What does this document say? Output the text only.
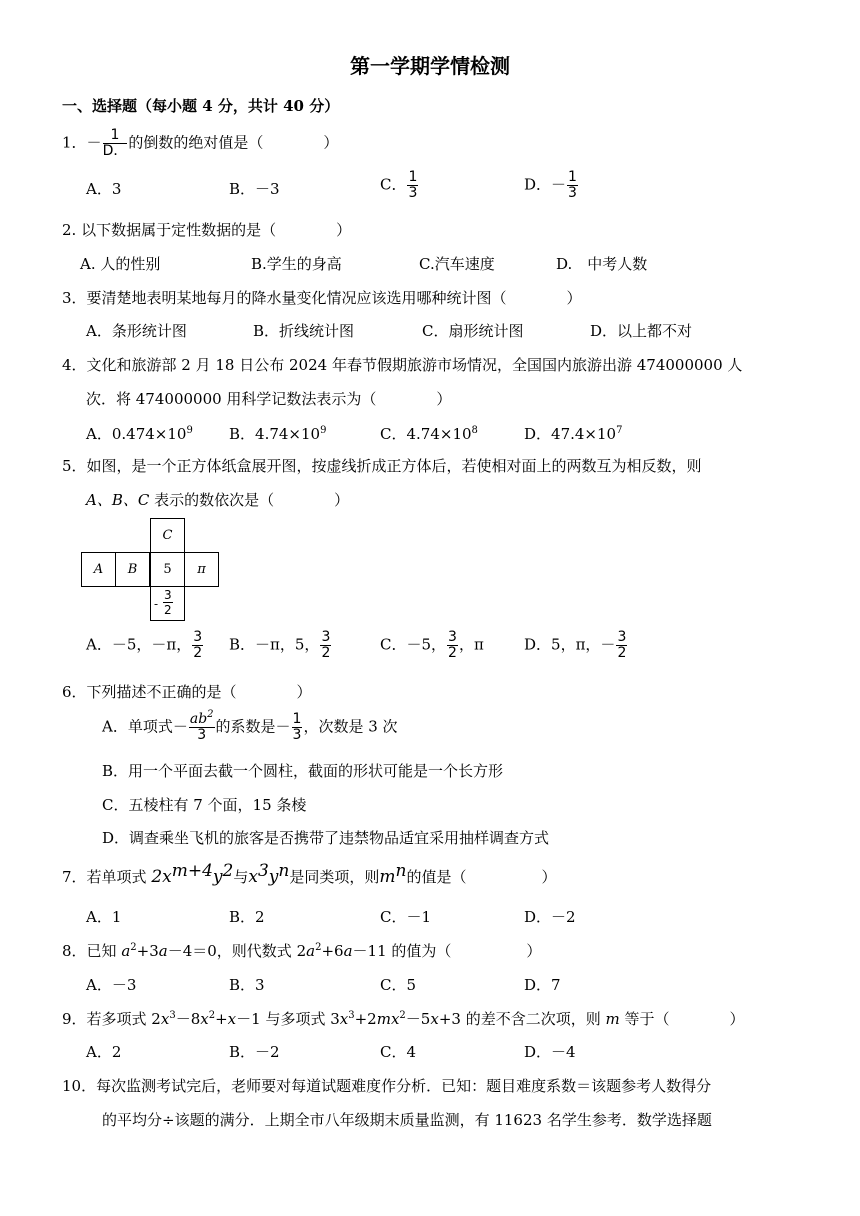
第一学期学情检测
一、选择题（每小题 4 分，共计 40 分）
1．－ $\frac{1}{D.}$ 的倒数的绝对值是（　　　　）
A．3	B．－3	C． $\frac{1}{3}$	D．－ $\frac{1}{3}$
2. 以下数据属于定性数据的是（　　　　）
A. 人的性别	B.学生的身高	C.汽车速度	D.　中考人数
3．要清楚地表明某地每月的降水量变化情况应该选用哪种统计图（　　　　）
A．条形统计图	B．折线统计图	C．扇形统计图	D．以上都不对
4．文化和旅游部 2 月 18 日公布 2024 年春节假期旅游市场情况，全国国内旅游出游 474000000 人
次．将 474000000 用科学记数法表示为（　　　　）
A．$0.474\times 10^9$ B．$4.74\times 10^9$	C．$4.74\times 10^8$	D．$47.4\times 10^7$
5．如图，是一个正方体纸盒展开图，按虚线折成正方体后，若使相对面上的两数互为相反数，则
A、B、C 表示的数依次是（　　　　）
C
A	B	5	π
- $\frac{3}{2}$
A．－5，－π， $\frac{3}{2}$ B．－π，5， $\frac{3}{2}$	C．－5， $\frac{3}{2}$ ，π	D．5，π，－ $\frac{3}{2}$
6．下列描述不正确的是（　　　　）
A．单项式－ $\frac{ab^2}{3}$ 的系数是－ $\frac{1}{3}$ ，次数是 3 次
B．用一个平面去截一个圆柱，截面的形状可能是一个长方形
C．五棱柱有 7 个面，15 条棱
D．调查乘坐飞机的旅客是否携带了违禁物品适宜采用抽样调查方式
7．若单项式 $2x^{m+4}y^2$与$x^3y^n$是同类项，则$m^n$的值是（　　　　　）
A．1	B．2	C．－1	D．－2
8．已知 $a^2+3a-4=0$，则代数式 $2a^2+6a-11$ 的值为（　　　　　）
A．－3	B．3	C．5	D．7
9．若多项式 $2x^3-8x^2+x-1$ 与多项式 $3x^3+2mx^2-5x+3$ 的差不含二次项，则 m 等于（　　　　）
A．2	B．－2	C．4	D．－4
10．每次监测考试完后，老师要对每道试题难度作分析．已知：题目难度系数＝该题参考人数得分
的平均分÷该题的满分．上期全市八年级期末质量监测，有 11623 名学生参考．数学选择题
